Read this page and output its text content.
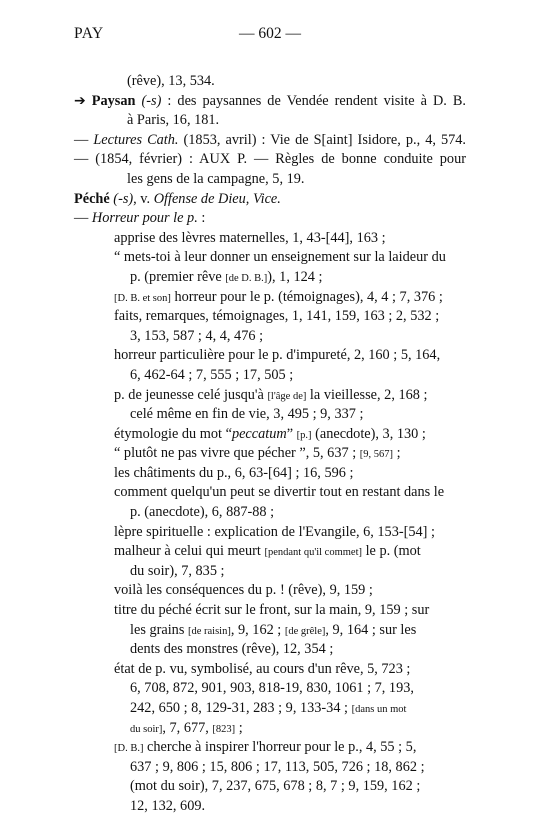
PAY	— 602 —
(rêve), 13, 534.
➔ Paysan (-s) : des paysannes de Vendée rendent visite à D. B.
à Paris, 16, 181.
— Lectures Cath. (1853, avril) : Vie de S[aint] Isidore, p., 4, 574.
— (1854, février) : AUX P. — Règles de bonne conduite pour
les gens de la campagne, 5, 19.
Péché (-s), v. Offense de Dieu, Vice.
— Horreur pour le p. :
apprise des lèvres maternelles, 1, 43-[44], 163 ;
“ mets-toi à leur donner un enseignement sur la laideur du
p. (premier rêve [de D. B.]), 1, 124 ;
[D. B. et son] horreur pour le p. (témoignages), 4, 4 ; 7, 376 ;
faits, remarques, témoignages, 1, 141, 159, 163 ; 2, 532 ;
3, 153, 587 ; 4, 4, 476 ;
horreur particulière pour le p. d'impureté, 2, 160 ; 5, 164,
6, 462-64 ; 7, 555 ; 17, 505 ;
p. de jeunesse celé jusqu'à [l'âge de] la vieillesse, 2, 168 ;
celé même en fin de vie, 3, 495 ; 9, 337 ;
étymologie du mot “peccatum” [p.] (anecdote), 3, 130 ;
“ plutôt ne pas vivre que pécher ”, 5, 637 ; [9, 567] ;
les châtiments du p., 6, 63-[64] ; 16, 596 ;
comment quelqu'un peut se divertir tout en restant dans le
p. (anecdote), 6, 887-88 ;
lèpre spirituelle : explication de l'Evangile, 6, 153-[54] ;
malheur à celui qui meurt [pendant qu'il commet] le p. (mot
du soir), 7, 835 ;
voilà les conséquences du p. ! (rêve), 9, 159 ;
titre du péché écrit sur le front, sur la main, 9, 159 ; sur
les grains [de raisin], 9, 162 ; [de grêle], 9, 164 ; sur les
dents des monstres (rêve), 12, 354 ;
état de p. vu, symbolisé, au cours d'un rêve, 5, 723 ;
6, 708, 872, 901, 903, 818-19, 830, 1061 ; 7, 193,
242, 650 ; 8, 129-31, 283 ; 9, 133-34 ; [dans un mot
du soir], 7, 677, [823] ;
[D. B.] cherche à inspirer l'horreur pour le p., 4, 55 ; 5,
637 ; 9, 806 ; 15, 806 ; 17, 113, 505, 726 ; 18, 862 ;
(mot du soir), 7, 237, 675, 678 ; 8, 7 ; 9, 159, 162 ;
12, 132, 609.
